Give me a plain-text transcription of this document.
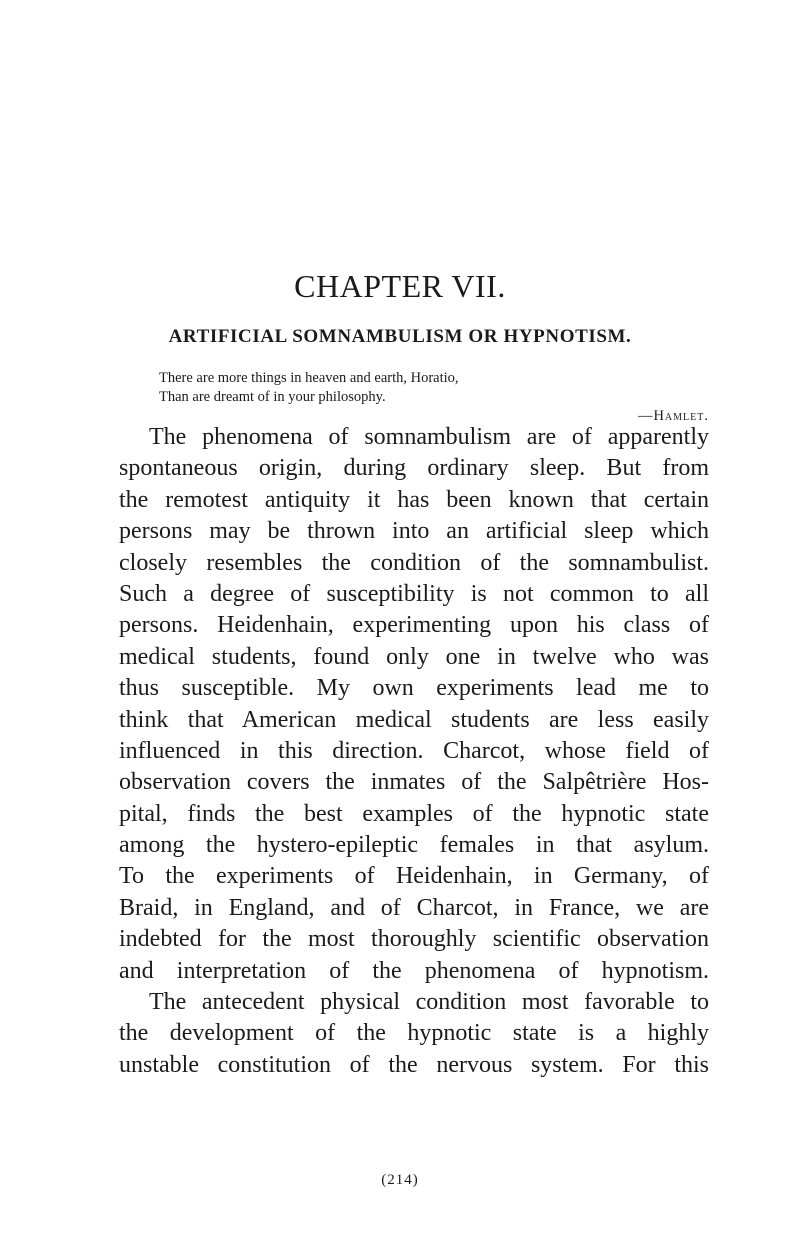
CHAPTER VII.
ARTIFICIAL SOMNAMBULISM OR HYPNOTISM.
There are more things in heaven and earth, Horatio,
Than are dreamt of in your philosophy.
—Hamlet.
The phenomena of somnambulism are of apparently
spontaneous origin, during ordinary sleep. But from
the remotest antiquity it has been known that certain
persons may be thrown into an artificial sleep which
closely resembles the condition of the somnambulist.
Such a degree of susceptibility is not common to all
persons. Heidenhain, experimenting upon his class of
medical students, found only one in twelve who was
thus susceptible. My own experiments lead me to
think that American medical students are less easily
influenced in this direction. Charcot, whose field of
observation covers the inmates of the Salpêtrière Hos-
pital, finds the best examples of the hypnotic state
among the hystero-epileptic females in that asylum.
To the experiments of Heidenhain, in Germany, of
Braid, in England, and of Charcot, in France, we are
indebted for the most thoroughly scientific observation
and interpretation of the phenomena of hypnotism.
The antecedent physical condition most favorable to
the development of the hypnotic state is a highly
unstable constitution of the nervous system. For this
(214)
